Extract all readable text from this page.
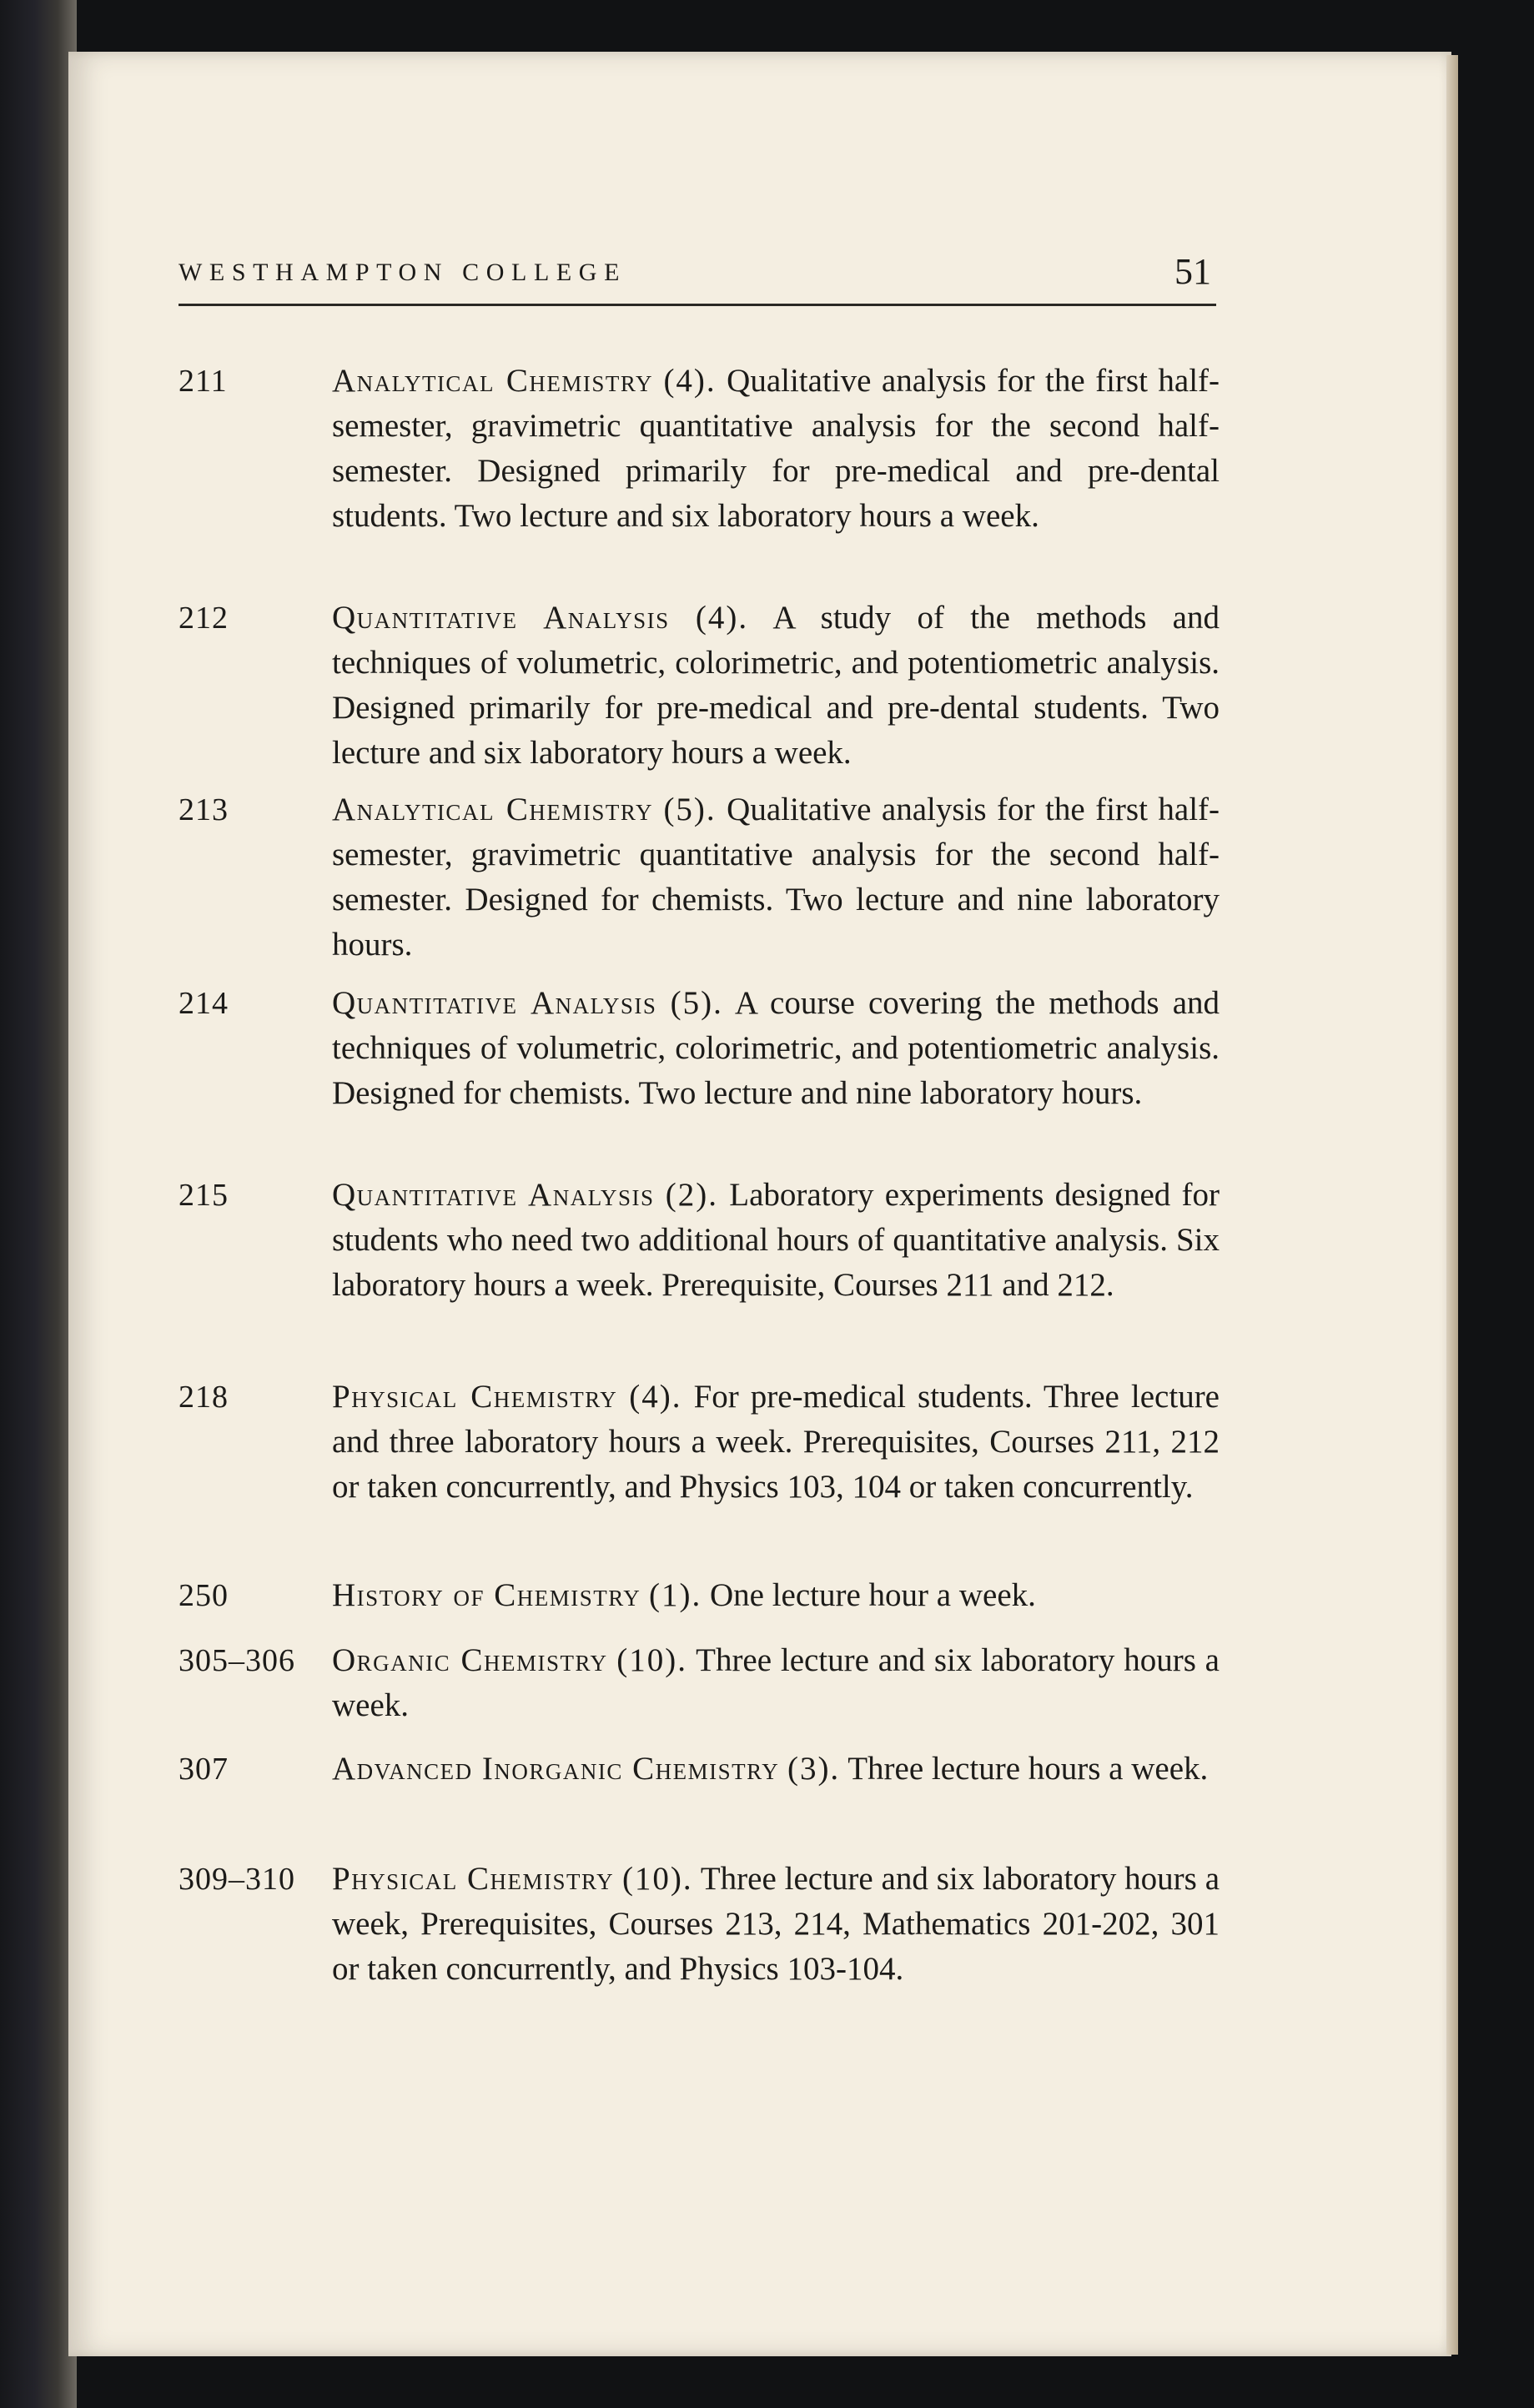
WESTHAMPTON COLLEGE	51
211	Analytical Chemistry (4). Qualitative analysis for the first half-semester, gravimetric quantitative analysis for the second half-semester. Designed primarily for pre-medical and pre-dental students. Two lecture and six laboratory hours a week.
212	Quantitative Analysis (4). A study of the methods and techniques of volumetric, colorimetric, and potentiometric analysis. Designed primarily for pre-medical and pre-dental students. Two lecture and six laboratory hours a week.
213	Analytical Chemistry (5). Qualitative analysis for the first half-semester, gravimetric quantitative analysis for the second half-semester. Designed for chemists. Two lecture and nine laboratory hours.
214	Quantitative Analysis (5). A course covering the methods and techniques of volumetric, colorimetric, and potentiometric analysis. Designed for chemists. Two lecture and nine laboratory hours.
215	Quantitative Analysis (2). Laboratory experiments designed for students who need two additional hours of quantitative analysis. Six laboratory hours a week. Prerequisite, Courses 211 and 212.
218	Physical Chemistry (4). For pre-medical students. Three lecture and three laboratory hours a week. Prerequisites, Courses 211, 212 or taken concurrently, and Physics 103, 104 or taken concurrently.
250	History of Chemistry (1). One lecture hour a week.
305–306 Organic Chemistry (10). Three lecture and six laboratory hours a week.
307	Advanced Inorganic Chemistry (3). Three lecture hours a week.
309–310 Physical Chemistry (10). Three lecture and six laboratory hours a week, Prerequisites, Courses 213, 214, Mathematics 201-202, 301 or taken concurrently, and Physics 103-104.
